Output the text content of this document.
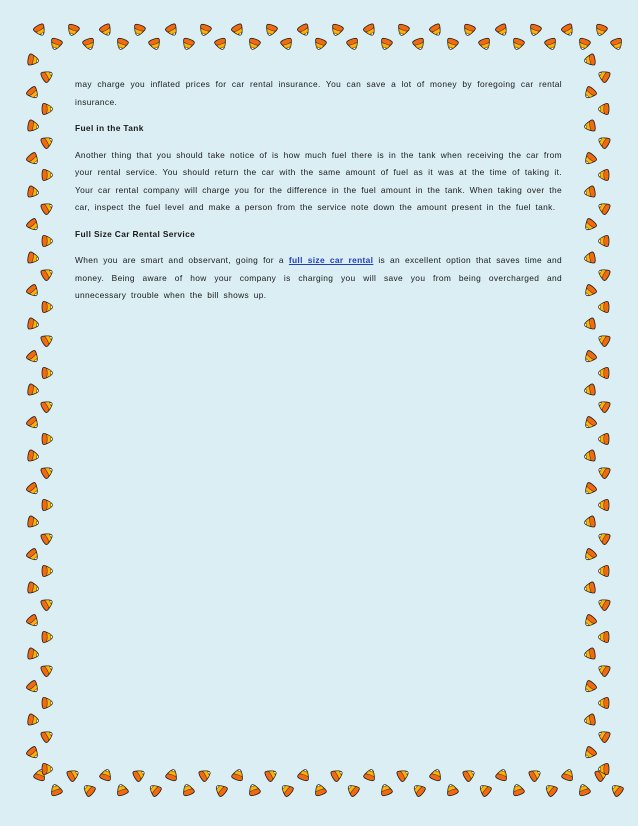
may charge you inflated prices for car rental insurance. You can save a lot of money by foregoing car rental insurance.

Fuel in the Tank

Another thing that you should take notice of is how much fuel there is in the tank when receiving the car from your rental service. You should return the car with the same amount of fuel as it was at the time of taking it. Your car rental company will charge you for the difference in the fuel amount in the tank. When taking over the car, inspect the fuel level and make a person from the service note down the amount present in the fuel tank.

Full Size Car Rental Service

When you are smart and observant, going for a full size car rental is an excellent option that saves time and money. Being aware of how your company is charging you will save you from being overcharged and unnecessary trouble when the bill shows up.
